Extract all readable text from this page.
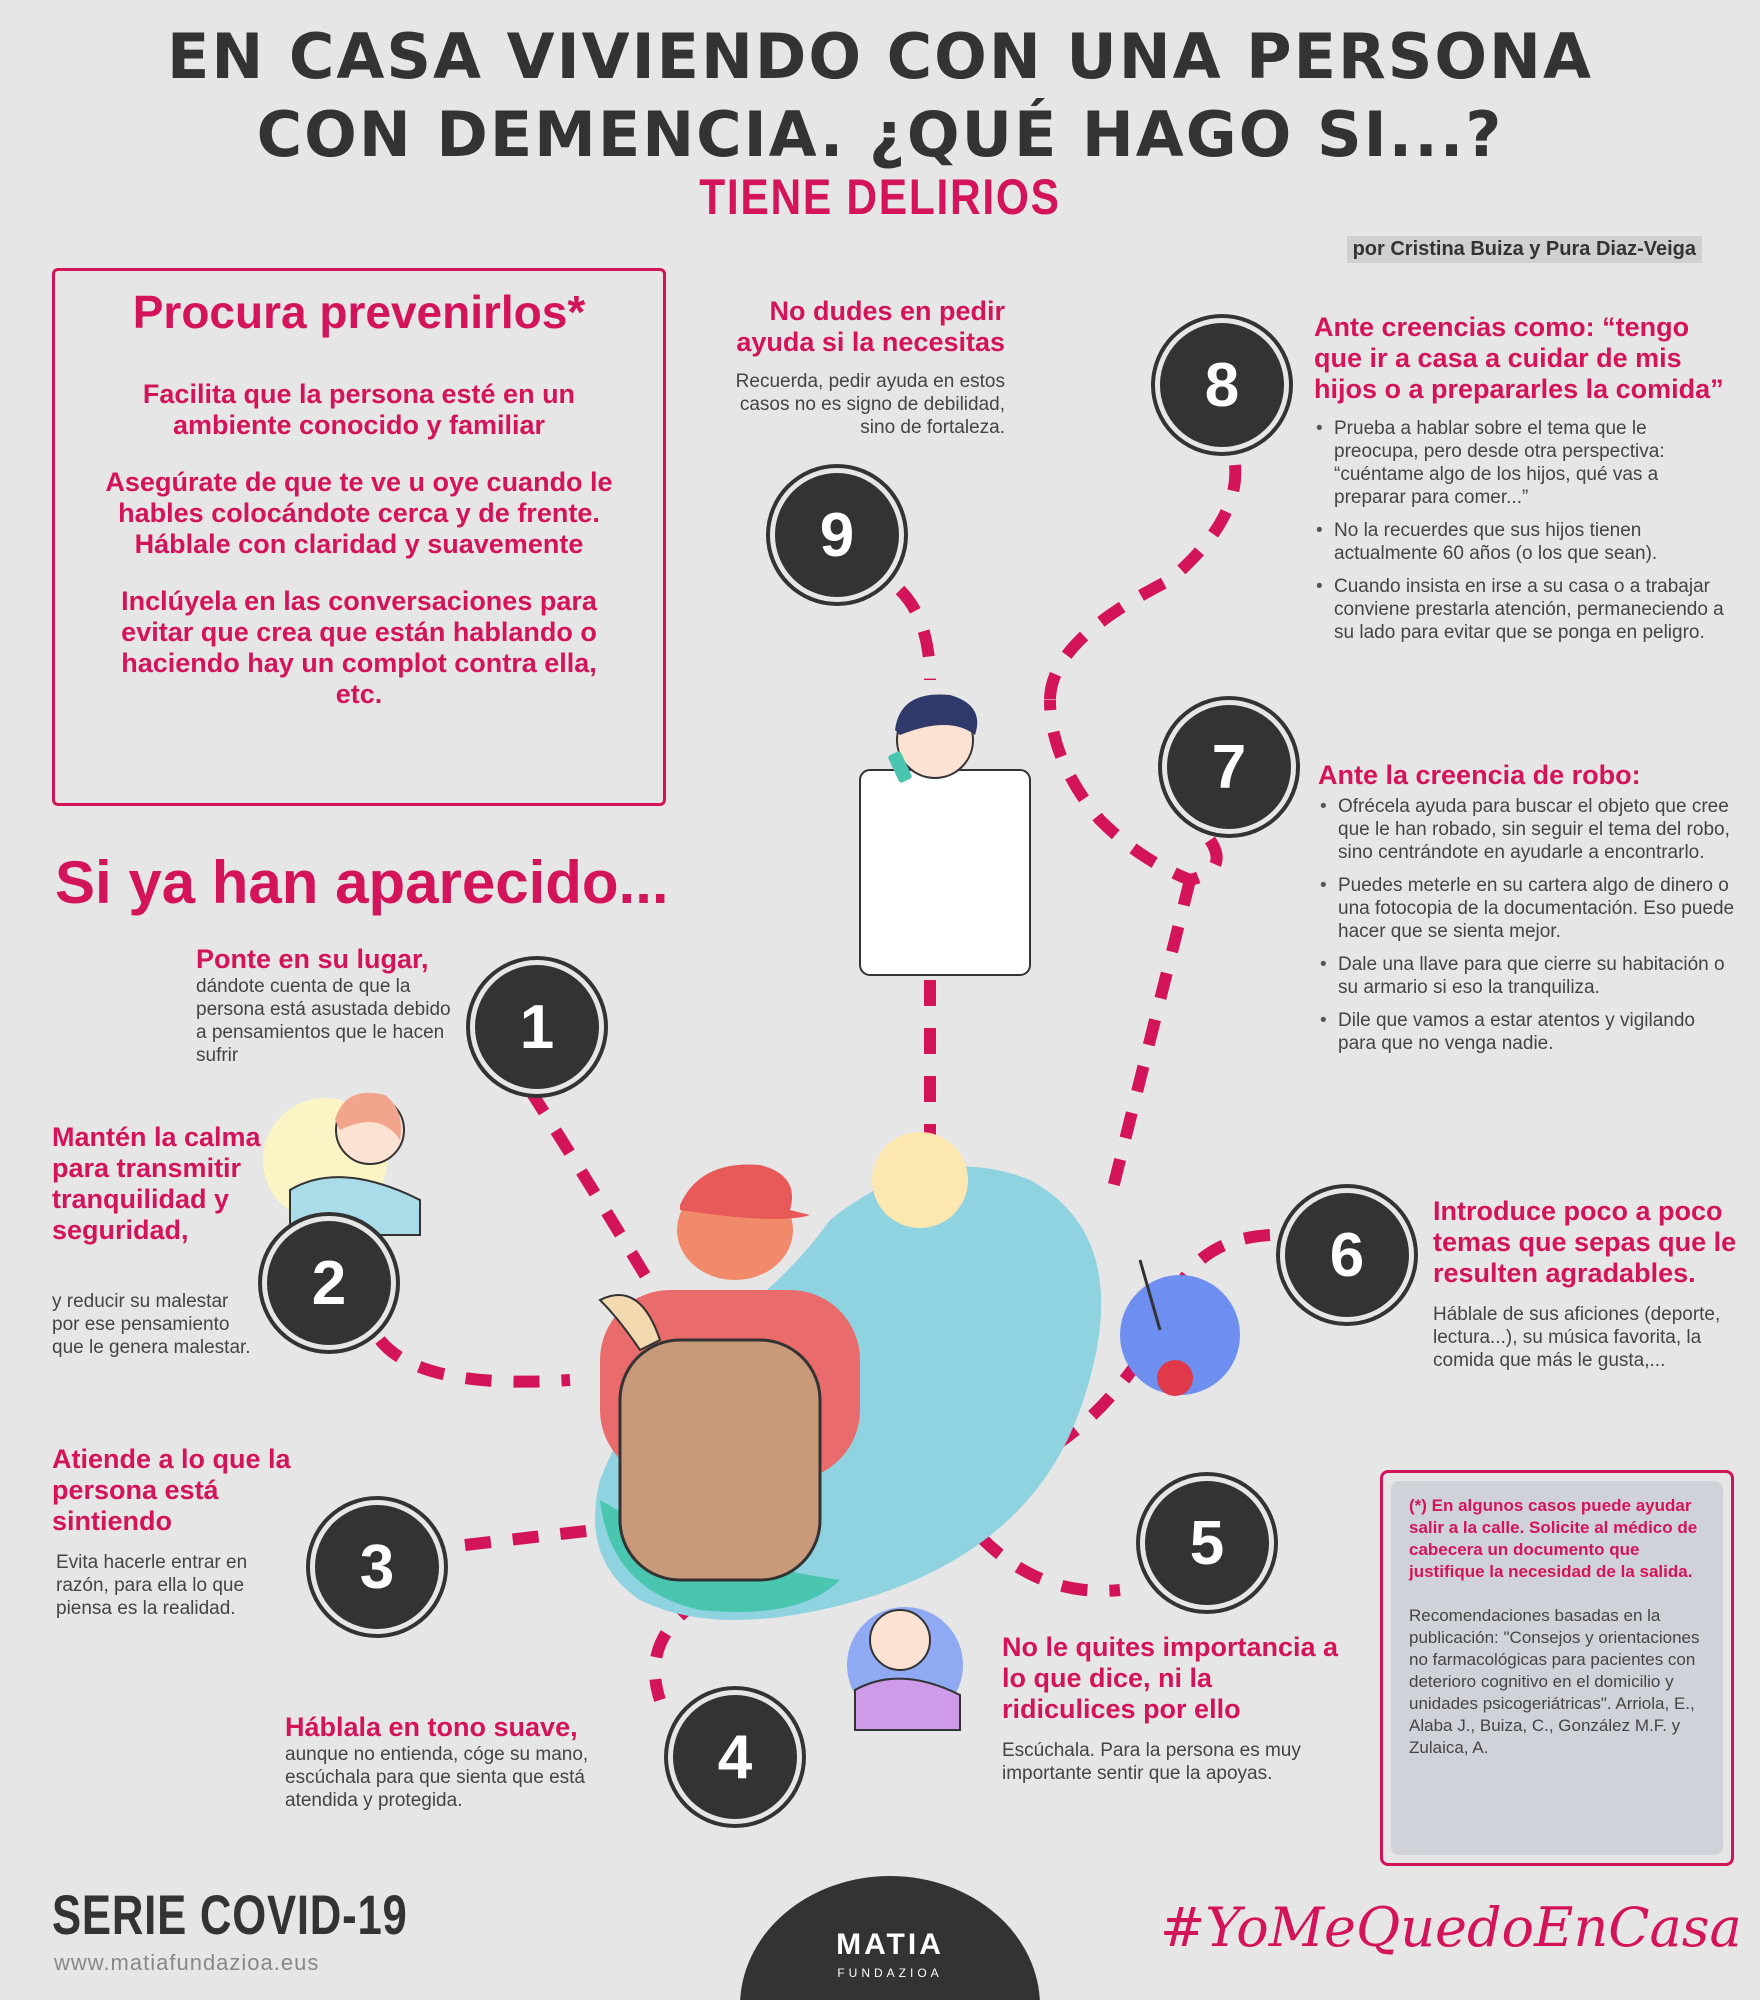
EN CASA VIVIENDO CON UNA PERSONA
CON DEMENCIA. ¿QUÉ HAGO SI...?
TIENE DELIRIOS
por Cristina Buiza y Pura Diaz-Veiga
Procura prevenirlos*
Facilita que la persona esté en un ambiente conocido y familiar
Asegúrate de que te ve u oye cuando le hables colocándote cerca y de frente. Háblale con claridad y suavemente
Inclúyela en las conversaciones para evitar que crea que están hablando o haciendo hay un complot contra ella, etc.
Si ya han aparecido...
1
2
3
4
5
6
7
8
9
Ponte en su lugar,
dándote cuenta de que la persona está asustada debido a pensamientos que le hacen sufrir
Mantén la calma para transmitir tranquilidad y seguridad,
y reducir su malestar por ese pensamiento que le genera malestar.
Atiende a lo que la persona está sintiendo
Evita hacerle entrar en razón, para ella lo que piensa es la realidad.
Háblala en tono suave,
aunque no entienda, cóge su mano, escúchala para que sienta que está atendida y protegida.
No le quites importancia a lo que dice, ni la ridiculices por ello
Escúchala. Para la persona es muy importante sentir que la apoyas.
Introduce poco a poco temas que sepas que le resulten agradables.
Háblale de sus aficiones (deporte, lectura...), su música favorita, la comida que más le gusta,...
Ante la creencia de robo:
• Ofrécela ayuda para buscar el objeto que cree que le han robado, sin seguir el tema del robo, sino centrándote en ayudarle a encontrarlo.
• Puedes meterle en su cartera algo de dinero o una fotocopia de la documentación. Eso puede hacer que se sienta mejor.
• Dale una llave para que cierre su habitación o su armario si eso la tranquiliza.
• Dile que vamos a estar atentos y vigilando para que no venga nadie.
Ante creencias como: “tengo que ir a casa a cuidar de mis hijos o a prepararles la comida”
• Prueba a hablar sobre el tema que le preocupa, pero desde otra perspectiva: “cuéntame algo de los hijos, qué vas a preparar para comer...”
• No la recuerdes que sus hijos tienen actualmente 60 años (o los que sean).
• Cuando insista en irse a su casa o a trabajar conviene prestarla atención, permaneciendo a su lado para evitar que se ponga en peligro.
No dudes en pedir ayuda si la necesitas
Recuerda, pedir ayuda en estos casos no es signo de debilidad, sino de fortaleza.
(*) En algunos casos puede ayudar salir a la calle. Solicite al médico de cabecera un documento que justifique la necesidad de la salida.
Recomendaciones basadas en la publicación: "Consejos y orientaciones no farmacológicas para pacientes con deterioro cognitivo en el domicilio y unidades psicogeriátricas". Arriola, E., Alaba J., Buiza, C., González M.F. y Zulaica, A.
SERIE COVID-19
www.matiafundazioa.eus
MATIA
FUNDAZIOA
#YoMeQuedoEnCasa
